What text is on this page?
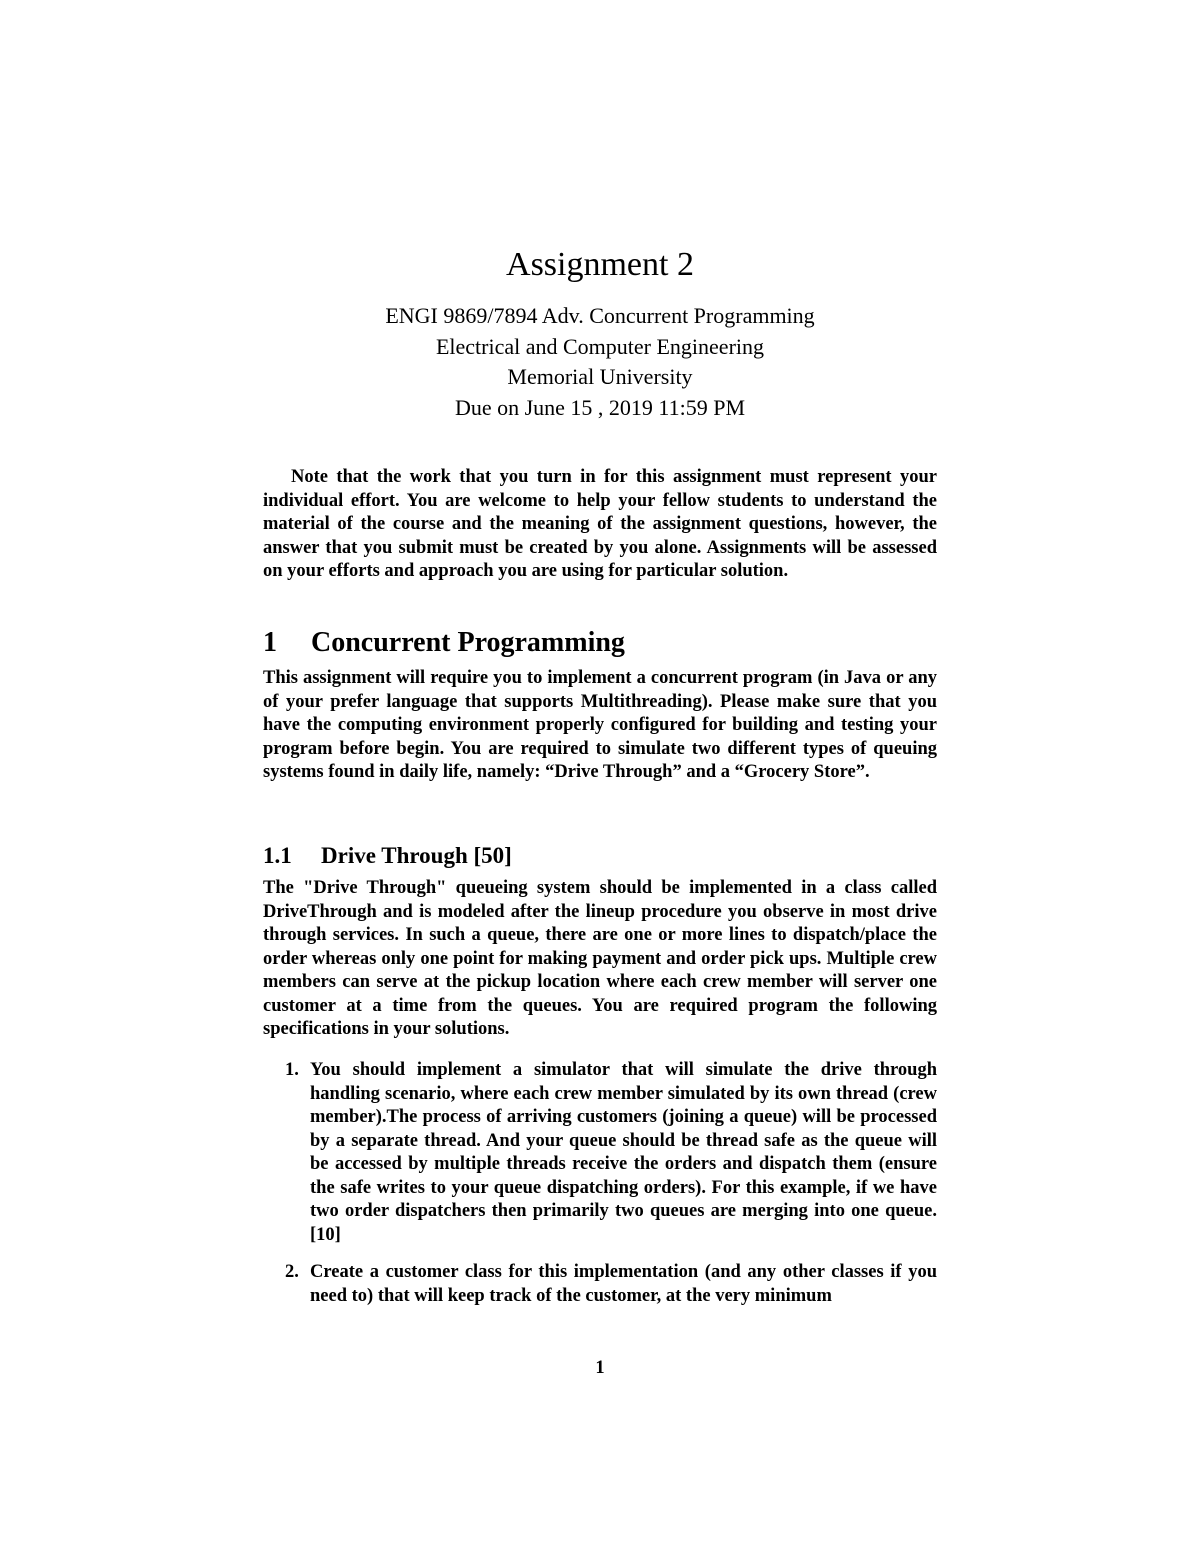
Assignment 2
ENGI 9869/7894 Adv. Concurrent Programming
Electrical and Computer Engineering
Memorial University
Due on June 15 , 2019 11:59 PM

Note that the work that you turn in for this assignment must represent your individual effort. You are welcome to help your fellow students to understand the material of the course and the meaning of the assignment questions, however, the answer that you submit must be created by you alone. Assignments will be assessed on your efforts and approach you are using for particular solution.

1 Concurrent Programming

This assignment will require you to implement a concurrent program (in Java or any of your prefer language that supports Multithreading). Please make sure that you have the computing environment properly configured for building and testing your program before begin. You are required to simulate two different types of queuing systems found in daily life, namely: “Drive Through” and a “Grocery Store”.

1.1 Drive Through [50]

The "Drive Through" queueing system should be implemented in a class called DriveThrough and is modeled after the lineup procedure you observe in most drive through services. In such a queue, there are one or more lines to dispatch/place the order whereas only one point for making payment and order pick ups. Multiple crew members can serve at the pickup location where each crew member will server one customer at a time from the queues. You are required program the following specifications in your solutions.

1. You should implement a simulator that will simulate the drive through handling scenario, where each crew member simulated by its own thread (crew member).The process of arriving customers (joining a queue) will be processed by a separate thread. And your queue should be thread safe as the queue will be accessed by multiple threads receive the orders and dispatch them (ensure the safe writes to your queue dispatching orders). For this example, if we have two order dispatchers then primarily two queues are merging into one queue. [10]
2. Create a customer class for this implementation (and any other classes if you need to) that will keep track of the customer, at the very minimum
1
